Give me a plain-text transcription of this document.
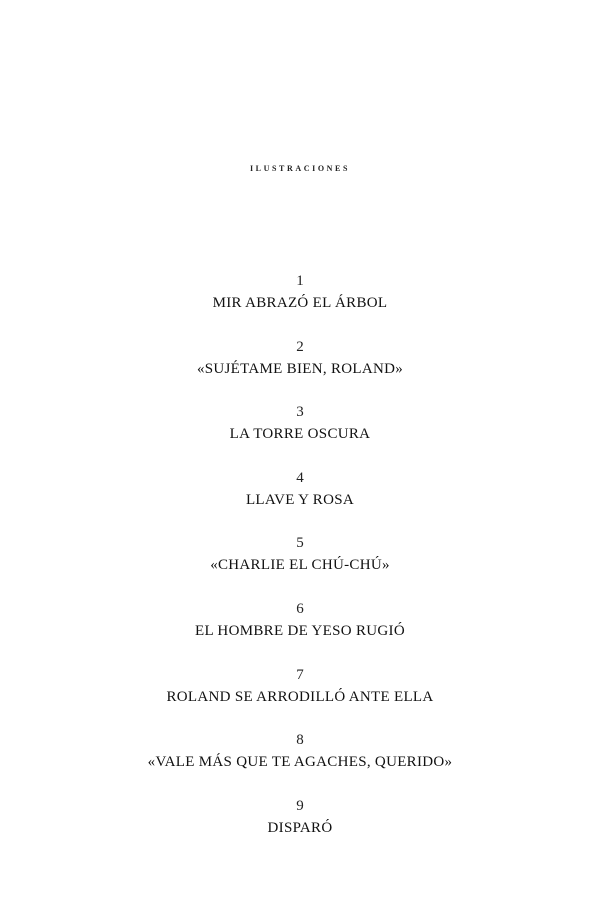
ilustraciones
1
MIR ABRAZÓ EL ÁRBOL
2
«SUJÉTAME BIEN, ROLAND»
3
LA TORRE OSCURA
4
LLAVE Y ROSA
5
«CHARLIE EL CHÚ-CHÚ»
6
EL HOMBRE DE YESO RUGIÓ
7
ROLAND SE ARRODILLÓ ANTE ELLA
8
«VALE MÁS QUE TE AGACHES, QUERIDO»
9
DISPARÓ
